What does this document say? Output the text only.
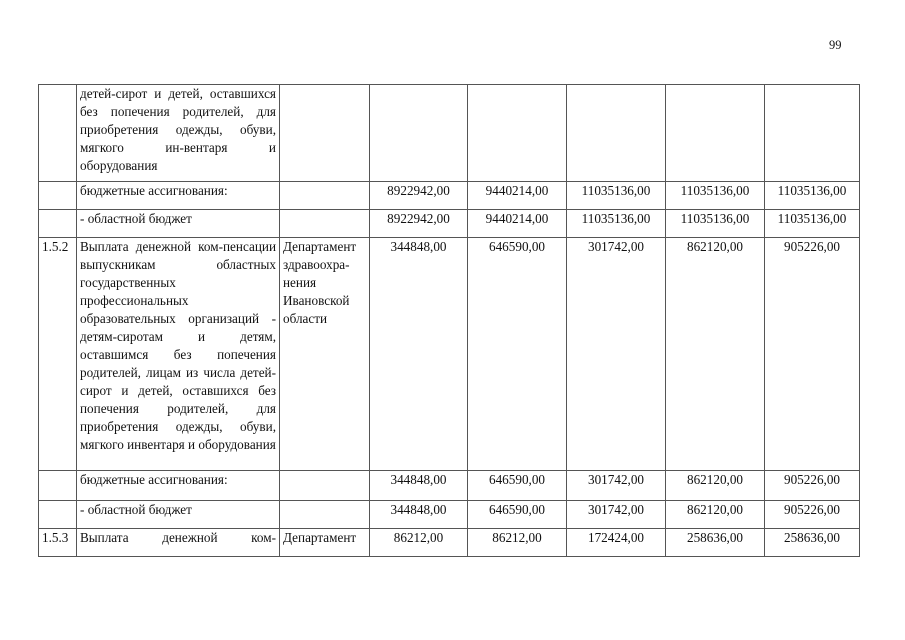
99
	детей-сирот и детей, оставшихся без попечения родителей, для приобретения одежды, обуви, мягкого ин-вентаря и оборудования						
	бюджетные ассигнования:		8922942,00	9440214,00	11035136,00	11035136,00	11035136,00
	- областной бюджет		8922942,00	9440214,00	11035136,00	11035136,00	11035136,00
1.5.2	Выплата денежной ком-пенсации выпускникам областных государственных профессиональных образовательных организаций - детям-сиротам и детям, оставшимся без попечения родителей, лицам из числа детей-сирот и детей, оставшихся без попечения родителей, для приобретения одежды, обуви, мягкого инвентаря и оборудования	Департамент здравоохра-нения Ивановской области	344848,00	646590,00	301742,00	862120,00	905226,00
	бюджетные ассигнования:		344848,00	646590,00	301742,00	862120,00	905226,00
	- областной бюджет		344848,00	646590,00	301742,00	862120,00	905226,00
1.5.3	Выплата денежной ком-	Департамент	86212,00	86212,00	172424,00	258636,00	258636,00
